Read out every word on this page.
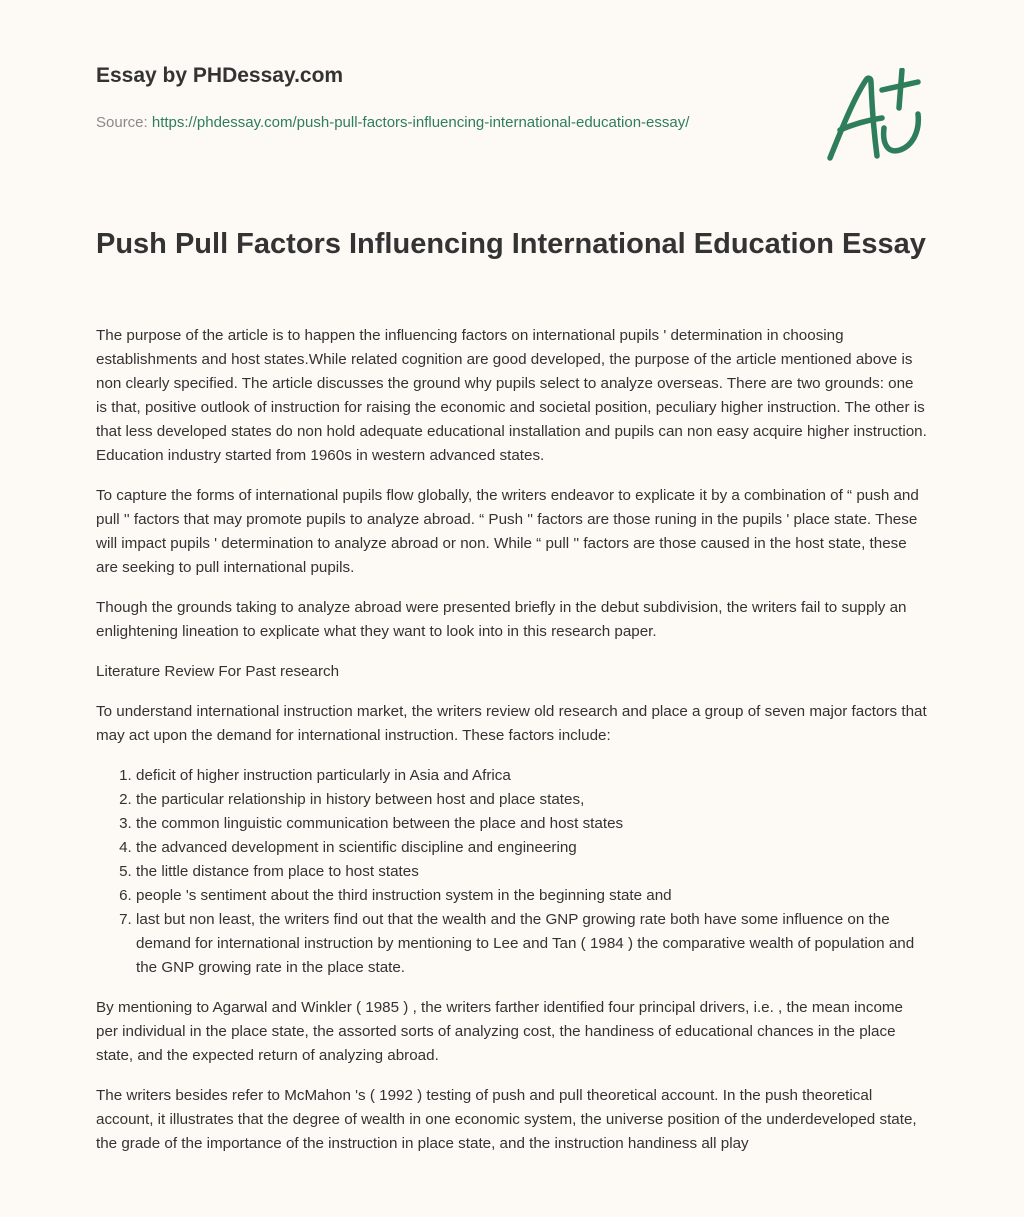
Essay by PHDessay.com
Source: https://phdessay.com/push-pull-factors-influencing-international-education-essay/
Push Pull Factors Influencing International Education Essay

The purpose of the article is to happen the influencing factors on international pupils ' determination in choosing establishments and host states.While related cognition are good developed, the purpose of the article mentioned above is non clearly specified. The article discusses the ground why pupils select to analyze overseas. There are two grounds: one is that, positive outlook of instruction for raising the economic and societal position, peculiary higher instruction. The other is that less developed states do non hold adequate educational installation and pupils can non easy acquire higher instruction. Education industry started from 1960s in western advanced states.

To capture the forms of international pupils flow globally, the writers endeavor to explicate it by a combination of “ push and pull '' factors that may promote pupils to analyze abroad. “ Push '' factors are those runing in the pupils ' place state. These will impact pupils ' determination to analyze abroad or non. While “ pull '' factors are those caused in the host state, these are seeking to pull international pupils.

Though the grounds taking to analyze abroad were presented briefly in the debut subdivision, the writers fail to supply an enlightening lineation to explicate what they want to look into in this research paper.

Literature Review For Past research

To understand international instruction market, the writers review old research and place a group of seven major factors that may act upon the demand for international instruction. These factors include:

1. deficit of higher instruction particularly in Asia and Africa
2. the particular relationship in history between host and place states,
3. the common linguistic communication between the place and host states
4. the advanced development in scientific discipline and engineering
5. the little distance from place to host states
6. people 's sentiment about the third instruction system in the beginning state and
7. last but non least, the writers find out that the wealth and the GNP growing rate both have some influence on the demand for international instruction by mentioning to Lee and Tan ( 1984 ) the comparative wealth of population and the GNP growing rate in the place state.

By mentioning to Agarwal and Winkler ( 1985 ) , the writers farther identified four principal drivers, i.e. , the mean income per individual in the place state, the assorted sorts of analyzing cost, the handiness of educational chances in the place state, and the expected return of analyzing abroad.

The writers besides refer to McMahon 's ( 1992 ) testing of push and pull theoretical account. In the push theoretical account, it illustrates that the degree of wealth in one economic system, the universe position of the underdeveloped state, the grade of the importance of the instruction in place state, and the instruction handiness all play
